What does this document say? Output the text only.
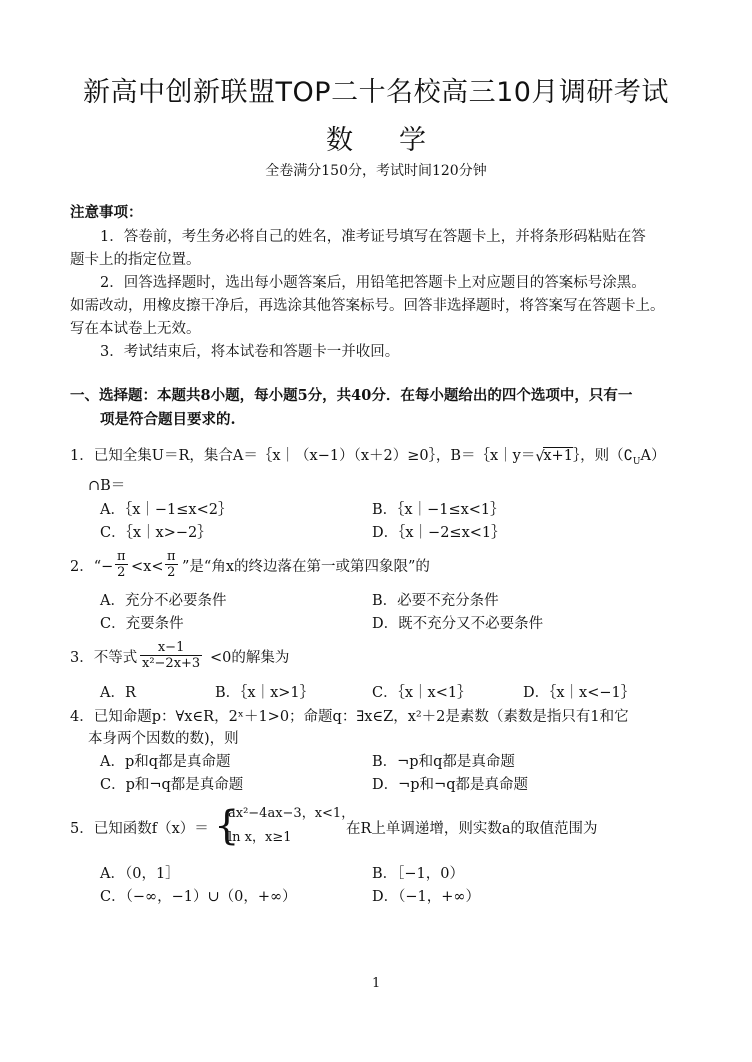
新高中创新联盟TOP二十名校高三10月调研考试
数学
全卷满分150分，考试时间120分钟
注意事项：
1．答卷前，考生务必将自己的姓名，准考证号填写在答题卡上，并将条形码粘贴在答
题卡上的指定位置。
2．回答选择题时，选出每小题答案后，用铅笔把答题卡上对应题目的答案标号涂黑。
如需改动，用橡皮擦干净后，再选涂其他答案标号。回答非选择题时，将答案写在答题卡上。
写在本试卷上无效。
3．考试结束后，将本试卷和答题卡一并收回。
一、选择题：本题共8小题，每小题5分，共40分．在每小题给出的四个选项中，只有一
项是符合题目要求的.
1．已知全集U＝R，集合A＝｛x｜（x−1）（x＋2）≥0｝，B＝｛x｜y＝ √
x+1｝，则$(∁_UA)$
∩B＝
A．｛x｜−1≤x<2｝	B．｛x｜−1≤x<1｝
C．｛x｜x>−2｝	D．｛x｜−2≤x<1｝
2．“− $\frac{\pi}{2} <x< \frac{\pi}{2}$ ”是“角x的终边落在第一或第四象限”的
A．充分不必要条件	B．必要不充分条件
C．充要条件	D．既不充分又不必要条件
3．不等式 $\frac{x-1}{\text{x²−2x+3}} <0$的解集为
A．R	B．｛x｜x>1｝	C．｛x｜x<1｝	D．｛x｜x<−1｝
4．已知命题p：∀x∈R，2ˣ＋1>0；命题q：∃x∈Z，x²＋2是素数（素数是指只有1和它
本身两个因数的数)，则
A．p和q都是真命题	B．¬p和q都是真命题
C．p和¬q都是真命题	D．¬p和¬q都是真命题
5．已知函数f（x）＝ {
ax²−4ax−3，x<1，
ln x，x≥1
在R上单调递增，则实数a的取值范围为
A．（0，1］	B．［−1，0）
C．（−∞，−1）∪（0，+∞）	D．（−1，+∞）
1
